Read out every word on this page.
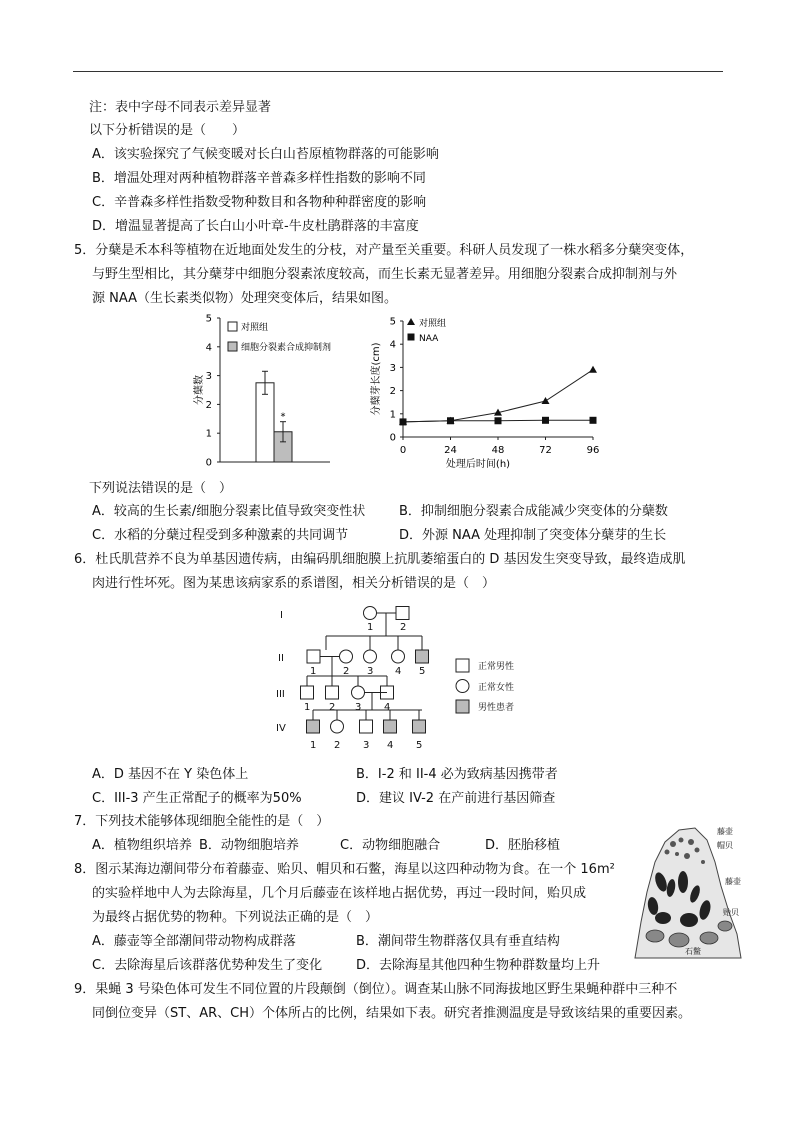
注：表中字母不同表示差异显著
以下分析错误的是（　　）
A．该实验探究了气候变暖对长白山苔原植物群落的可能影响
B．增温处理对两种植物群落辛普森多样性指数的影响不同
C．辛普森多样性指数受物种数目和各物种种群密度的影响
D．增温显著提高了长白山小叶章-牛皮杜鹃群落的丰富度
5．分蘖是禾本科等植物在近地面处发生的分枝，对产量至关重要。科研人员发现了一株水稻多分蘖突变体，
与野生型相比，其分蘖芽中细胞分裂素浓度较高，而生长素无显著差异。用细胞分裂素合成抑制剂与外
源 NAA（生长素类似物）处理突变体后，结果如图。
0
1
2
3
4
5
分蘖数
*
对照组
细胞分裂素合成抑制剂
0
1
2
3
4
5
0	24	48	72	96
处理后时间(h)
分蘖芽长度(cm)
对照组
NAA
下列说法错误的是（　）
A．较高的生长素/细胞分裂素比值导致突变性状	B．抑制细胞分裂素合成能减少突变体的分蘖数
C．水稻的分蘖过程受到多种激素的共同调节	D．外源 NAA 处理抑制了突变体分蘖芽的生长
6．杜氏肌营养不良为单基因遗传病，由编码肌细胞膜上抗肌萎缩蛋白的 D 基因发生突变导致，最终造成肌
肉进行性坏死。图为某患该病家系的系谱图，相关分析错误的是（　）
I
II
III
IV
1	2
1	2 3 4 5
1 2 3 4
1 2 3 4 5
正常男性
正常女性
男性患者
A．D 基因不在 Y 染色体上	B．I-2 和 II-4 必为致病基因携带者
C．III-3 产生正常配子的概率为50%	D．建议 IV-2 在产前进行基因筛查
7．下列技术能够体现细胞全能性的是（　）
A．植物组织培养 B．动物细胞培养	C．动物细胞融合	D．胚胎移植
8．图示某海边潮间带分布着藤壶、贻贝、帽贝和石鳖，海星以这四种动物为食。在一个 16m²
的实验样地中人为去除海星，几个月后藤壶在该样地占据优势，再过一段时间，贻贝成
为最终占据优势的物种。下列说法正确的是（　）
A．藤壶等全部潮间带动物构成群落	B．潮间带生物群落仅具有垂直结构
C．去除海星后该群落优势种发生了变化	D．去除海星其他四种生物种群数量均上升
藤壶
帽贝
藤壶
贻贝
石鳖
9．果蝇 3 号染色体可发生不同位置的片段颠倒（倒位）。调查某山脉不同海拔地区野生果蝇种群中三种不
同倒位变异（ST、AR、CH）个体所占的比例，结果如下表。研究者推测温度是导致该结果的重要因素。
